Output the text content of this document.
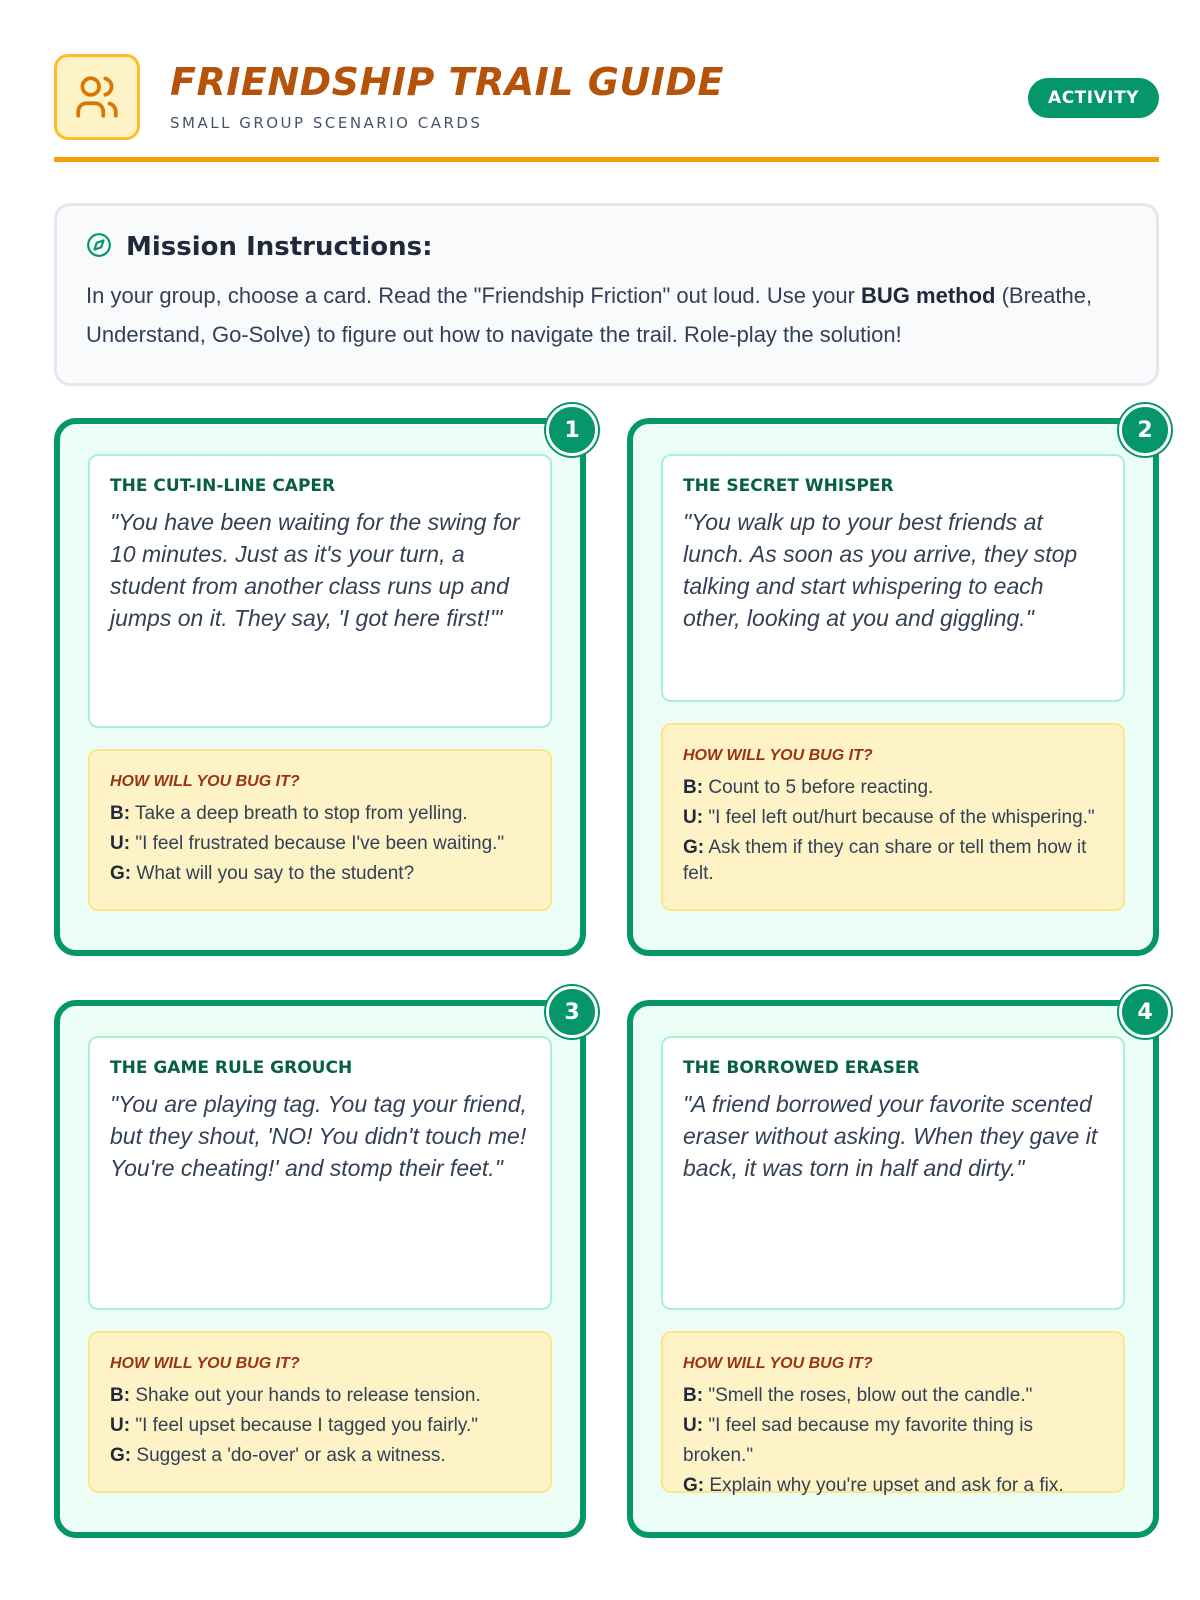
FRIENDSHIP TRAIL GUIDE
SMALL GROUP SCENARIO CARDS
ACTIVITY
Mission Instructions:

In your group, choose a card. Read the "Friendship Friction" out loud. Use your BUG method (Breathe, Understand, Go-Solve) to figure out how to navigate the trail. Role-play the solution!

1
THE CUT-IN-LINE CAPER
"You have been waiting for the swing for 10 minutes. Just as it's your turn, a student from another class runs up and jumps on it. They say, 'I got here first!'"
HOW WILL YOU BUG IT?
B: Take a deep breath to stop from yelling.
U: "I feel frustrated because I've been waiting."
G: What will you say to the student?
2
THE SECRET WHISPER
"You walk up to your best friends at lunch. As soon as you arrive, they stop talking and start whispering to each other, looking at you and giggling."
HOW WILL YOU BUG IT?
B: Count to 5 before reacting.
U: "I feel left out/hurt because of the whispering."
G: Ask them if they can share or tell them how it felt.
3
THE GAME RULE GROUCH
"You are playing tag. You tag your friend, but they shout, 'NO! You didn't touch me! You're cheating!' and stomp their feet."
HOW WILL YOU BUG IT?
B: Shake out your hands to release tension.
U: "I feel upset because I tagged you fairly."
G: Suggest a 'do-over' or ask a witness.
4
THE BORROWED ERASER
"A friend borrowed your favorite scented eraser without asking. When they gave it back, it was torn in half and dirty."
HOW WILL YOU BUG IT?
B: "Smell the roses, blow out the candle."
U: "I feel sad because my favorite thing is broken."
G: Explain why you're upset and ask for a fix.
